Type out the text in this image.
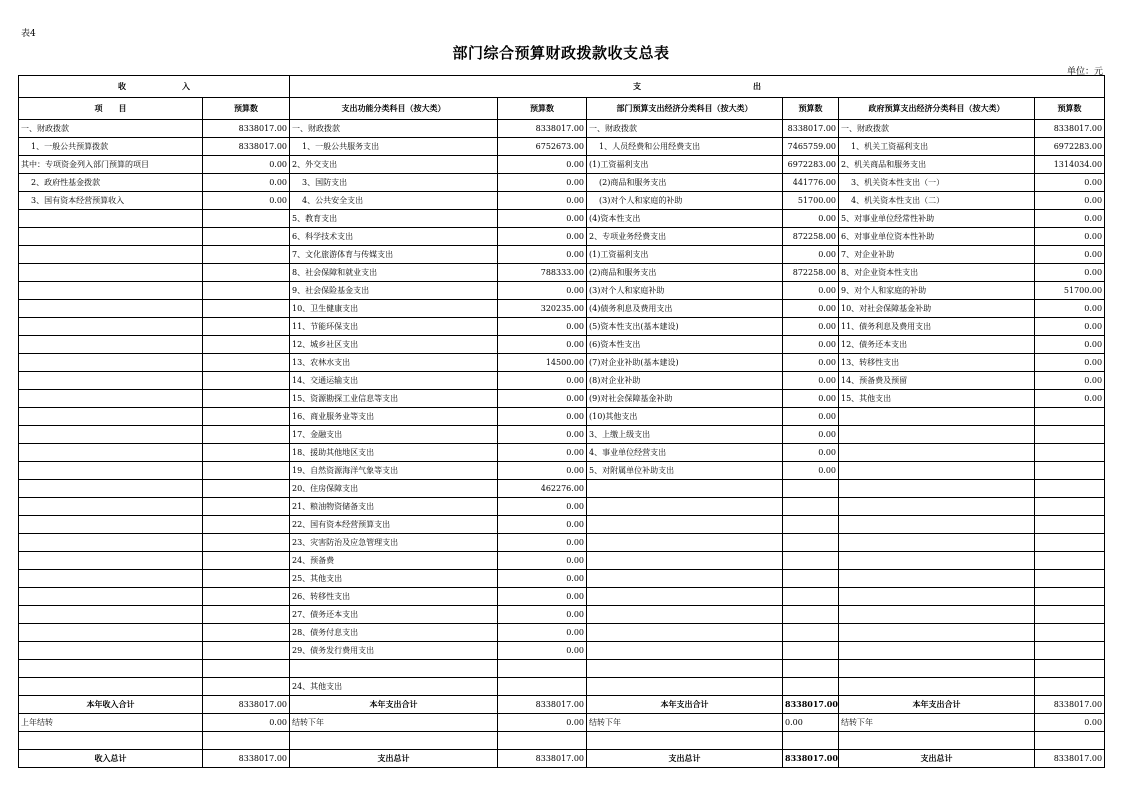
表4
部门综合预算财政拨款收支总表
单位：元
收　　　　　　　入		支　　　　　　　　　　　　　　出					
项　　目	预算数	支出功能分类科目（按大类）	预算数	部门预算支出经济分类科目（按大类）	预算数	政府预算支出经济分类科目（按大类）	预算数
一、财政拨款	8338017.00	一、财政拨款	8338017.00	一、财政拨款	8338017.00	一、财政拨款	8338017.00
1、一般公共预算拨款	8338017.00	1、一般公共服务支出	6752673.00	1、人员经费和公用经费支出	7465759.00	1、机关工资福利支出	6972283.00
其中：专项资金列入部门预算的项目	0.00	2、外交支出	0.00	(1)工资福利支出	6972283.00	2、机关商品和服务支出	1314034.00
2、政府性基金拨款	0.00	3、国防支出	0.00	(2)商品和服务支出	441776.00	3、机关资本性支出（一）	0.00
3、国有资本经营预算收入	0.00	4、公共安全支出	0.00	(3)对个人和家庭的补助	51700.00	4、机关资本性支出（二）	0.00
		5、教育支出	0.00	(4)资本性支出	0.00	5、对事业单位经常性补助	0.00
		6、科学技术支出	0.00	2、专项业务经费支出	872258.00	6、对事业单位资本性补助	0.00
		7、文化旅游体育与传媒支出	0.00	(1)工资福利支出	0.00	7、对企业补助	0.00
		8、社会保障和就业支出	788333.00	(2)商品和服务支出	872258.00	8、对企业资本性支出	0.00
		9、社会保险基金支出	0.00	(3)对个人和家庭补助	0.00	9、对个人和家庭的补助	51700.00
		10、卫生健康支出	320235.00	(4)债务利息及费用支出	0.00	10、对社会保障基金补助	0.00
		11、节能环保支出	0.00	(5)资本性支出(基本建设)	0.00	11、债务利息及费用支出	0.00
		12、城乡社区支出	0.00	(6)资本性支出	0.00	12、债务还本支出	0.00
		13、农林水支出	14500.00	(7)对企业补助(基本建设)	0.00	13、转移性支出	0.00
		14、交通运输支出	0.00	(8)对企业补助	0.00	14、预备费及预留	0.00
		15、资源勘探工业信息等支出	0.00	(9)对社会保障基金补助	0.00	15、其他支出	0.00
		16、商业服务业等支出	0.00	(10)其他支出	0.00		
		17、金融支出	0.00	3、上缴上级支出	0.00		
		18、援助其他地区支出	0.00	4、事业单位经营支出	0.00		
		19、自然资源海洋气象等支出	0.00	5、对附属单位补助支出	0.00		
		20、住房保障支出	462276.00				
		21、粮油物资储备支出	0.00				
		22、国有资本经营预算支出	0.00				
		23、灾害防治及应急管理支出	0.00				
		24、预备费	0.00				
		25、其他支出	0.00				
		26、转移性支出	0.00				
		27、债务还本支出	0.00				
		28、债务付息支出	0.00				
		29、债务发行费用支出	0.00				

		24、其他支出					
本年收入合计	8338017.00	本年支出合计	8338017.00	本年支出合计	8338017.00	本年支出合计	8338017.00
上年结转	0.00	结转下年	0.00	结转下年	0.00	结转下年	0.00

收入总计	8338017.00	支出总计	8338017.00	支出总计	8338017.00	支出总计	8338017.00
